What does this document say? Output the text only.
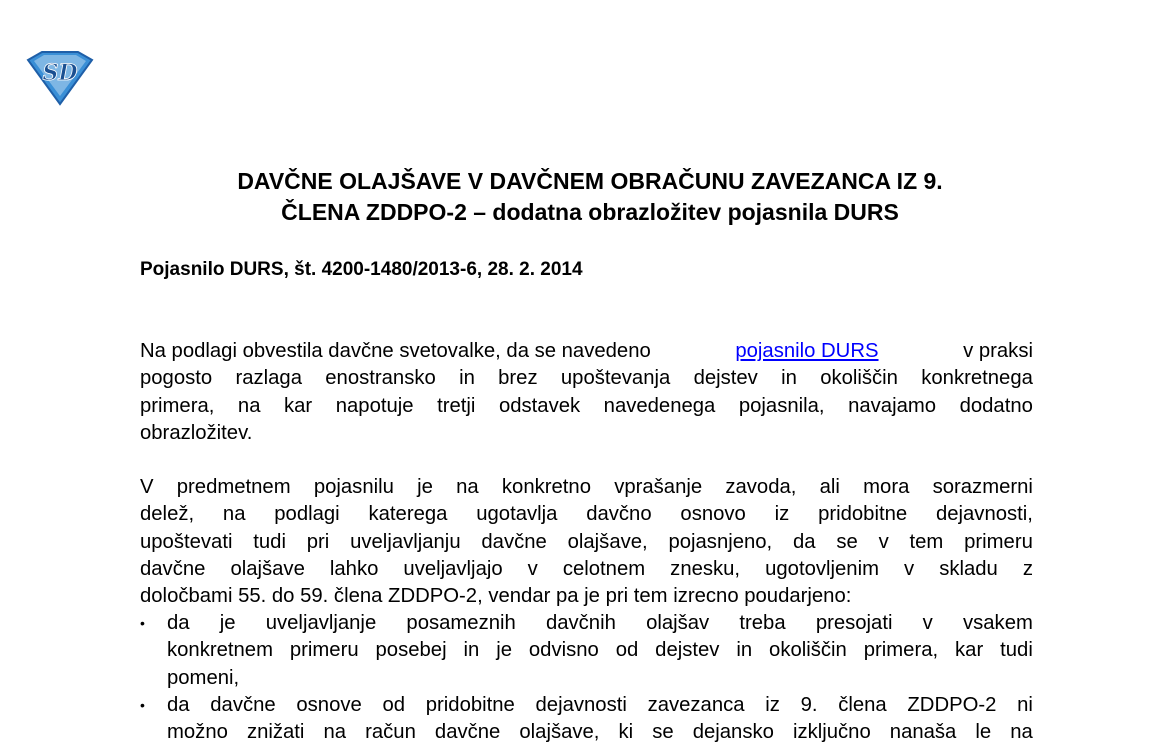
SD
DAVČNE OLAJŠAVE V DAVČNEM OBRAČUNU ZAVEZANCA IZ 9.
ČLENA ZDDPO-2 – dodatna obrazložitev pojasnila DURS
Pojasnilo DURS, št. 4200-1480/2013-6, 28. 2. 2014
Na podlagi obvestila davčne svetovalke, da se navedeno	pojasnilo DURS	v praksi
pogosto razlaga enostransko in brez upoštevanja dejstev in okoliščin konkretnega
primera, na kar napotuje tretji odstavek navedenega pojasnila, navajamo dodatno
obrazložitev.
V predmetnem pojasnilu je na konkretno vprašanje zavoda, ali mora sorazmerni
delež, na podlagi katerega ugotavlja davčno osnovo iz pridobitne dejavnosti,
upoštevati tudi pri uveljavljanju davčne olajšave, pojasnjeno, da se v tem primeru
davčne olajšave lahko uveljavljajo v celotnem znesku, ugotovljenim v skladu z
določbami 55. do 59. člena ZDDPO-2, vendar pa je pri tem izrecno poudarjeno:
•	da je uveljavljanje posameznih davčnih olajšav treba presojati v vsakem
konkretnem primeru posebej in je odvisno od dejstev in okoliščin primera, kar tudi
pomeni,
•	da davčne osnove od pridobitne dejavnosti zavezanca iz 9. člena ZDDPO-2 ni
možno znižati na račun davčne olajšave, ki se dejansko izključno nanaša le na
